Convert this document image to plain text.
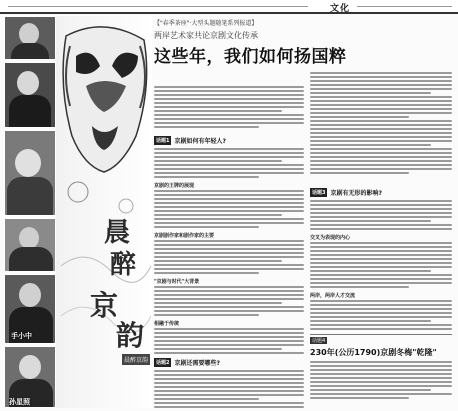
文化
手小中
孙星照
晨
醉
京
韵
晨醉京韵
【"春季茶座"·大型头题随笔系列报道】
两岸艺术家共论京剧文化传承
这些年，我们如何扬国粹
话题1 京剧如何有年轻人?
京剧的王牌的展现
京剧剧作家和剧作家的主要
"京剧与时代"大背景
相融于传统
话题2 京剧还需要哪些?
话题3 京剧有无形的影响?
交叉为表现的内心
两岸，两岸人才交流
话题4
230年(公历1790)京剧冬梅"乾隆"
